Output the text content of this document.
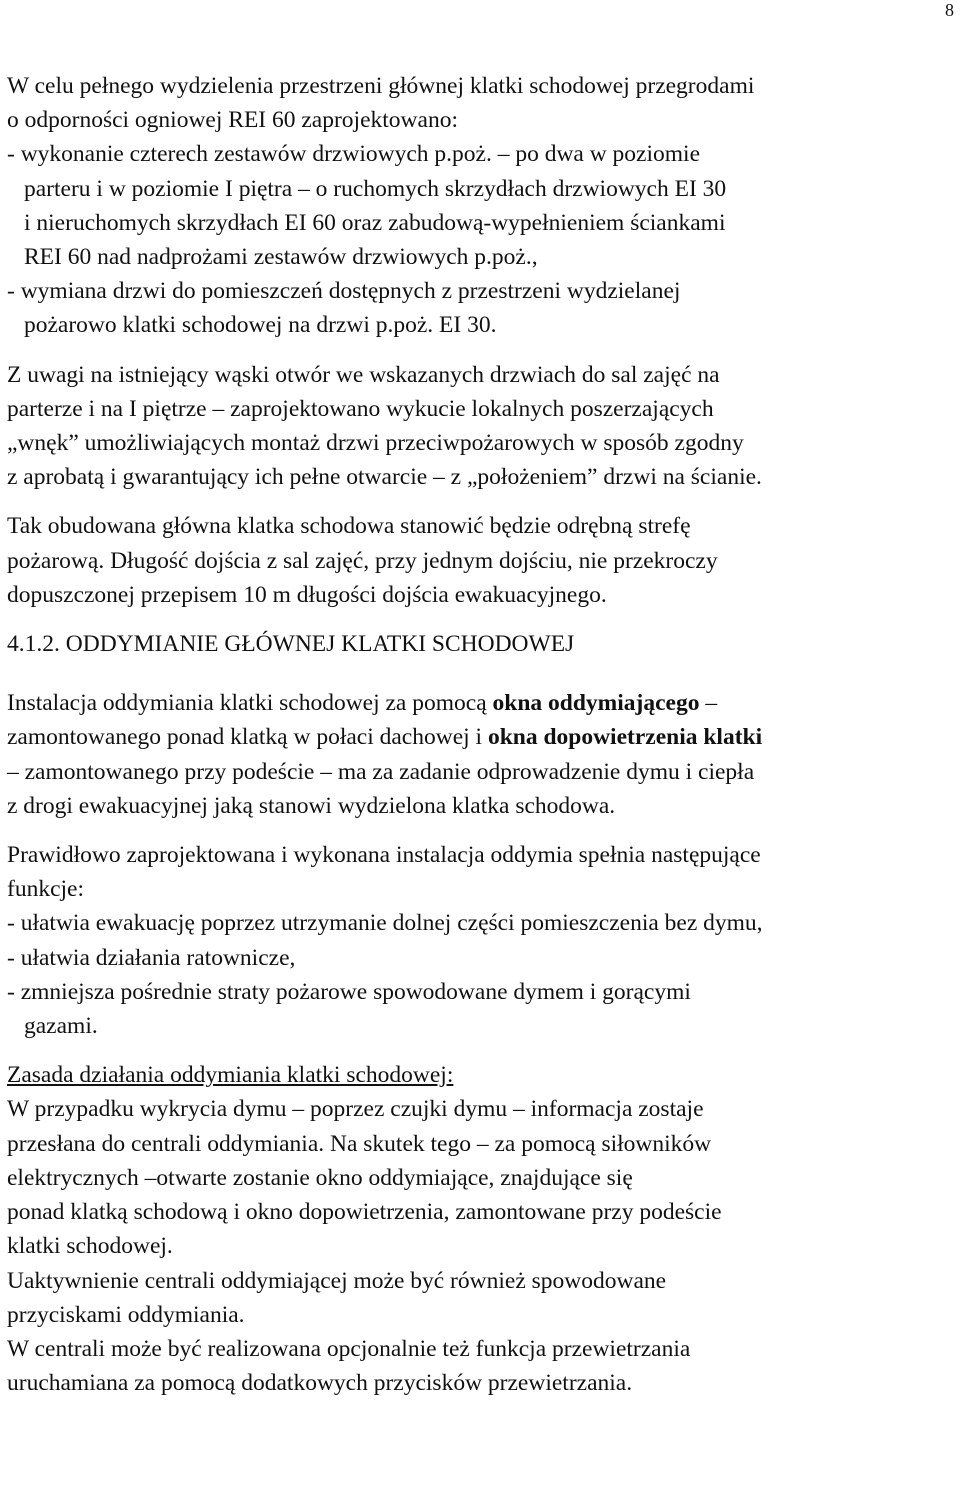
8
W celu pełnego wydzielenia przestrzeni głównej klatki schodowej przegrodami
o odporności ogniowej REI 60 zaprojektowano:
- wykonanie czterech zestawów drzwiowych p.poż. – po dwa w poziomie
parteru i w poziomie I piętra – o ruchomych skrzydłach drzwiowych EI 30
i nieruchomych skrzydłach EI 60 oraz zabudową-wypełnieniem ściankami
REI 60 nad nadprożami zestawów drzwiowych p.poż.,
- wymiana drzwi do pomieszczeń dostępnych z przestrzeni wydzielanej
pożarowo klatki schodowej na drzwi p.poż. EI 30.
Z uwagi na istniejący wąski otwór we wskazanych drzwiach do sal zajęć na
parterze i na I piętrze – zaprojektowano wykucie lokalnych poszerzających
„wnęk” umożliwiających montaż drzwi przeciwpożarowych w sposób zgodny
z aprobatą i gwarantujący ich pełne otwarcie – z „położeniem” drzwi na ścianie.
Tak obudowana główna klatka schodowa stanowić będzie odrębną strefę
pożarową. Długość dojścia z sal zajęć, przy jednym dojściu, nie przekroczy
dopuszczonej przepisem 10 m długości dojścia ewakuacyjnego.
4.1.2. ODDYMIANIE GŁÓWNEJ KLATKI SCHODOWEJ
Instalacja oddymiania klatki schodowej za pomocą okna oddymiającego –
zamontowanego ponad klatką w połaci dachowej i okna dopowietrzenia klatki
– zamontowanego przy podeście – ma za zadanie odprowadzenie dymu i ciepła
z drogi ewakuacyjnej jaką stanowi wydzielona klatka schodowa.
Prawidłowo zaprojektowana i wykonana instalacja oddymia spełnia następujące
funkcje:
- ułatwia ewakuację poprzez utrzymanie dolnej części pomieszczenia bez dymu,
- ułatwia działania ratownicze,
- zmniejsza pośrednie straty pożarowe spowodowane dymem i gorącymi
gazami.
Zasada działania oddymiania klatki schodowej:
W przypadku wykrycia dymu – poprzez czujki dymu – informacja zostaje
przesłana do centrali oddymiania. Na skutek tego – za pomocą siłowników
elektrycznych –otwarte zostanie okno oddymiające, znajdujące się
ponad klatką schodową i okno dopowietrzenia, zamontowane przy podeście
klatki schodowej.
Uaktywnienie centrali oddymiającej może być również spowodowane
przyciskami oddymiania.
W centrali może być realizowana opcjonalnie też funkcja przewietrzania
uruchamiana za pomocą dodatkowych przycisków przewietrzania.
